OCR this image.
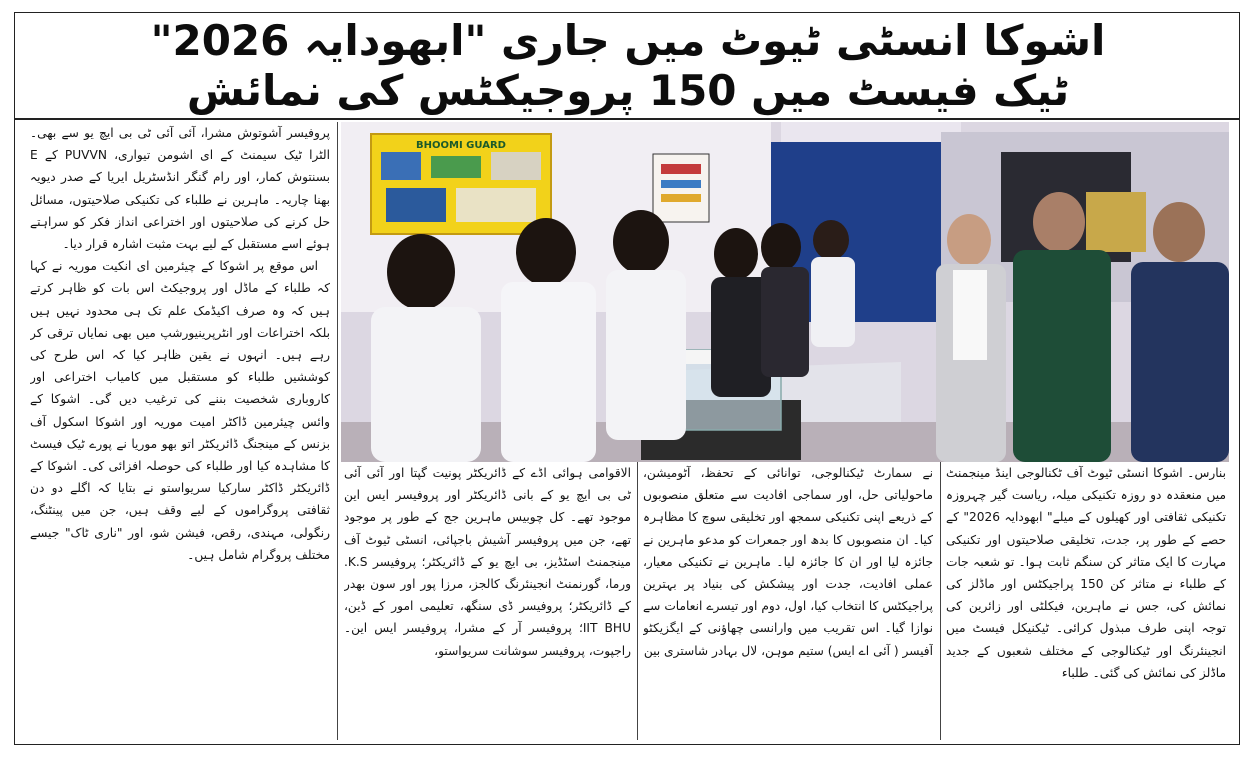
اشوکا انسٹی ٹیوٹ میں جاری "ابھودایہ 2026"
ٹیک فیسٹ میں 150 پروجیکٹس کی نمائش

پروفیسر آشوتوش مشرا، آئی آئی ٹی بی ایچ یو سے بھی۔ الٹرا ٹیک سیمنٹ کے ای اشومن تیواری، PUVVN کے E بسنتوش کمار، اور رام گنگر انڈسٹریل ایریا کے صدر دیویہ بھنا چاریہ۔ ماہرین نے طلباء کی تکنیکی صلاحیتوں، مسائل حل کرنے کی صلاحیتوں اور اختراعی انداز فکر کو سراہتے ہوئے اسے مستقبل کے لیے بہت مثبت اشارہ قرار دیا۔

اس موقع پر اشوکا کے چیئرمین ای انکیت موریہ نے کہا کہ طلباء کے ماڈل اور پروجیکٹ اس بات کو ظاہر کرتے ہیں کہ وہ صرف اکیڈمک علم تک ہی محدود نہیں ہیں بلکہ اختراعات اور انٹرپرینیورشپ میں بھی نمایاں ترقی کر رہے ہیں۔ انہوں نے یقین ظاہر کیا کہ اس طرح کی کوششیں طلباء کو مستقبل میں کامیاب اختراعی اور کاروباری شخصیت بننے کی ترغیب دیں گی۔ اشوکا کے وائس چیئرمین ڈاکٹر امیت موریہ اور اشوکا اسکول آف بزنس کے مینجنگ ڈائریکٹر اتو بھو موریا نے پورے ٹیک فیسٹ کا مشاہدہ کیا اور طلباء کی حوصلہ افزائی کی۔ اشوکا کے ڈائریکٹر ڈاکٹر سارکیا سریواستو نے بتایا کہ اگلے دو دن ثقافتی پروگراموں کے لیے وقف ہیں، جن میں پینٹنگ، رنگولی، مہندی، رقص، فیشن شو، اور "ناری ٹاک" جیسے مختلف پروگرام شامل ہیں۔

BHOOMI GUARD
بنارس۔ اشوکا انسٹی ٹیوٹ آف ٹکنالوجی اینڈ مینجمنٹ میں منعقدہ دو روزہ تکنیکی میلہ، ریاست گیر چہروزہ تکنیکی ثقافتی اور کھیلوں کے میلے" ابھودایہ 2026" کے حصے کے طور پر، جدت، تخلیقی صلاحیتوں اور تکنیکی مہارت کا ایک متاثر کن سنگم ثابت ہوا۔ تو شعبہ جات کے طلباء نے متاثر کن 150 پراجیکٹس اور ماڈلز کی نمائش کی، جس نے ماہرین، فیکلٹی اور زائرین کی توجہ اپنی طرف مبذول کرائی۔ ٹیکنیکل فیسٹ میں انجینئرنگ اور ٹیکنالوجی کے مختلف شعبوں کے جدید ماڈلز کی نمائش کی گئی۔ طلباء
نے سمارٹ ٹیکنالوجی، توانائی کے تحفظ، آٹومیشن، ماحولیاتی حل، اور سماجی افادیت سے متعلق منصوبوں کے ذریعے اپنی تکنیکی سمجھ اور تخلیقی سوچ کا مظاہرہ کیا۔ ان منصوبوں کا بدھ اور جمعرات کو مدعو ماہرین نے جائزہ لیا اور ان کا جائزہ لیا۔ ماہرین نے تکنیکی معیار، عملی افادیت، جدت اور پیشکش کی بنیاد پر بہترین پراجیکٹس کا انتخاب کیا، اول، دوم اور تیسرے انعامات سے نوازا گیا۔ اس تقریب میں وارانسی چھاؤنی کے ایگزیکٹو آفیسر ( آئی اے ایس) ستیم موہن، لال بہادر شاستری بین
الاقوامی ہوائی اڈے کے ڈائریکٹر پونیت گپتا اور آئی آئی ٹی بی ایچ یو کے بانی ڈائریکٹر اور پروفیسر ایس این موجود تھے۔ کل چوبیس ماہرین جج کے طور پر موجود تھے، جن میں پروفیسر آشیش باجپائی، انسٹی ٹیوٹ آف مینجمنٹ اسٹڈیز، بی ایچ یو کے ڈائریکٹر؛ پروفیسر K.S. ورما، گورنمنٹ انجینئرنگ کالجز، مرزا پور اور سون بھدر کے ڈائریکٹر؛ پروفیسر ڈی سنگھ، تعلیمی امور کے ڈین، IIT BHU؛ پروفیسر آر کے مشرا، پروفیسر ایس این۔ راجپوت، پروفیسر سوشانت سریواستو،
